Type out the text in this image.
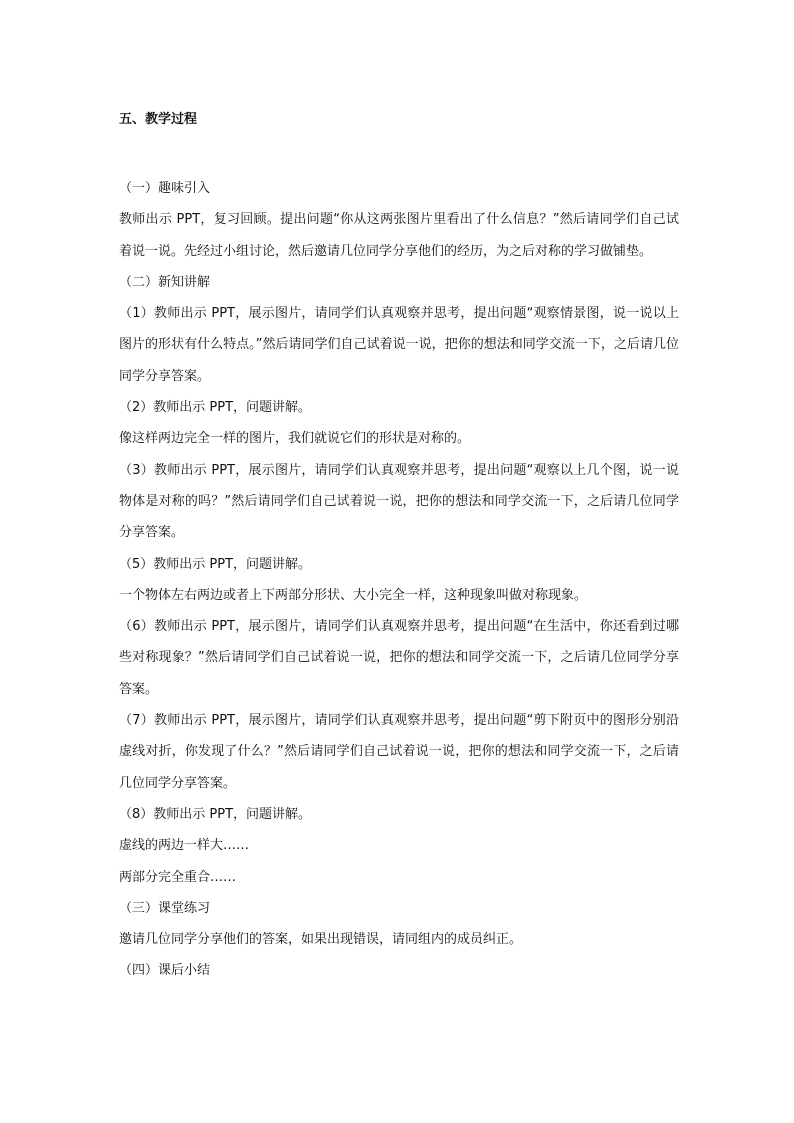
五、教学过程

（一）趣味引入

教师出示 PPT，复习回顾。提出问题“你从这两张图片里看出了什么信息？”然后请同学们自己试着说一说。先经过小组讨论，然后邀请几位同学分享他们的经历，为之后对称的学习做铺垫。

（二）新知讲解

（1）教师出示 PPT，展示图片，请同学们认真观察并思考，提出问题“观察情景图，说一说以上图片的形状有什么特点。”然后请同学们自己试着说一说，把你的想法和同学交流一下，之后请几位同学分享答案。

（2）教师出示 PPT，问题讲解。

像这样两边完全一样的图片，我们就说它们的形状是对称的。

（3）教师出示 PPT，展示图片，请同学们认真观察并思考，提出问题“观察以上几个图，说一说物体是对称的吗？”然后请同学们自己试着说一说，把你的想法和同学交流一下，之后请几位同学分享答案。

（5）教师出示 PPT，问题讲解。

一个物体左右两边或者上下两部分形状、大小完全一样，这种现象叫做对称现象。

（6）教师出示 PPT，展示图片，请同学们认真观察并思考，提出问题“在生活中，你还看到过哪些对称现象？”然后请同学们自己试着说一说，把你的想法和同学交流一下，之后请几位同学分享答案。

（7）教师出示 PPT，展示图片，请同学们认真观察并思考，提出问题“剪下附页中的图形分别沿虚线对折，你发现了什么？”然后请同学们自己试着说一说，把你的想法和同学交流一下，之后请几位同学分享答案。

（8）教师出示 PPT，问题讲解。

虚线的两边一样大……

两部分完全重合……

（三）课堂练习

邀请几位同学分享他们的答案，如果出现错误，请同组内的成员纠正。

（四）课后小结
